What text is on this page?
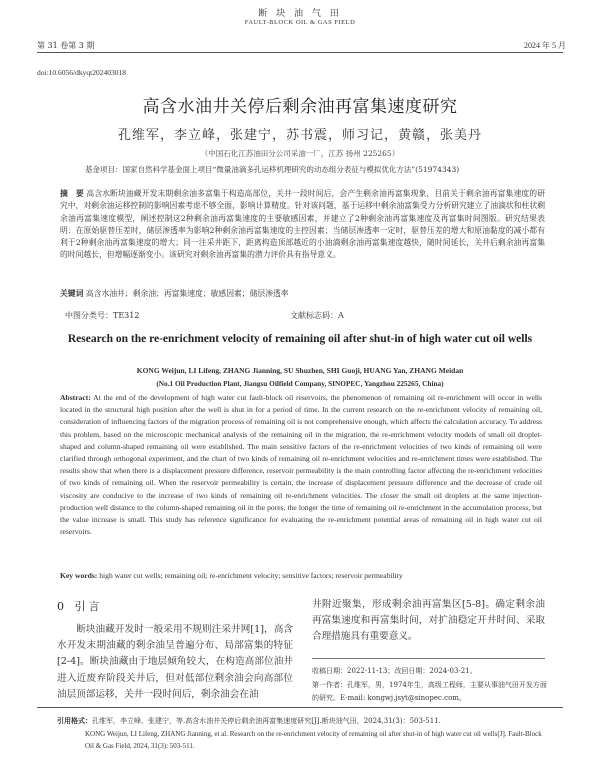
断 块 油 气 田
FAULT-BLOCK OIL & GAS FIELD
第 31 卷第 3 期	2024 年 5 月
doi:10.6056/dkyqt202403018
高含水油井关停后剩余油再富集速度研究
孔维军，李立峰，张建宁，苏书震，师习记，黄赣，张美丹
（中国石化江苏油田分公司采油一厂，江苏 扬州 225265）
基金项目：国家自然科学基金面上项目“微量油滴多孔运移机理研究的动态组分表征与模拟优化方法”(51974343)
摘　要 高含水断块油藏开发末期剩余油多富集于构造高部位，关井一段时间后，会产生剩余油再富集现象，目前关于剩余油再富集速度的研究中，对剩余油运移控制的影响因素考虑不够全面，影响计算精度。针对该问题，基于运移中剩余油富集受力分析研究建立了油滴状和柱状剩余油再富集速度模型，阐述控制这2种剩余油再富集速度的主要敏感因素，并建立了2种剩余油再富集速度及再富集时间图版。研究结果表明：在原始驱替压差时，储层渗透率为影响2种剩余油再富集速度的主控因素；当储层渗透率一定时，驱替压差的增大和原油黏度的减小都有利于2种剩余油再富集速度的增大；同一注采井距下，距离构造顶部越近的小油滴剩余油再富集速度越快，随时间延长，关井后剩余油再富集的时间越长，但增幅逐渐变小。该研究对剩余油再富集的潜力评价具有指导意义。
关键词 高含水油井；剩余油；再富集速度；敏感因素；储层渗透率
中图分类号：TE312	文献标志码：A
Research on the re-enrichment velocity of remaining oil after shut-in of high water cut oil wells
KONG Weijun, LI Lifeng, ZHANG Jianning, SU Shuzhen, SHI Guoji, HUANG Yan, ZHANG Meidan
(No.1 Oil Production Plant, Jiangsu Oilfield Company, SINOPEC, Yangzhou 225265, China)
Abstract: At the end of the development of high water cut fault-block oil reservoirs, the phenomenon of remaining oil re-enrichment will occur in wells located in the structural high position after the well is shut in for a period of time. In the current research on the re-enrichment velocity of remaining oil, consideration of influencing factors of the migration process of remaining oil is not comprehensive enough, which affects the calculation accuracy. To address this problem, based on the microscopic mechanical analysis of the remaining oil in the migration, the re-enrichment velocity models of small oil droplet-shaped and column-shaped remaining oil were established. The main sensitive factors of the re-enrichment velocities of two kinds of remaining oil were clarified through orthogonal experiment, and the chart of two kinds of remaining oil re-enrichment velocities and re-enrichment times were established. The results show that when there is a displacement pressure difference, reservoir permeability is the main controlling factor affecting the re-enrichment velocities of two kinds of remaining oil. When the reservoir permeability is certain, the increase of displacement pressure difference and the decrease of crude oil viscosity are conducive to the increase of two kinds of remaining oil re-enrichment velocities. The closer the small oil droplets at the same injection-production well distance to the column-shaped remaining oil in the pores, the longer the time of remaining oil re-enrichment in the accumulation process, but the value increase is small. This study has reference significance for evaluating the re-enrichment potential areas of remaining oil in high water cut oil reservoirs.
Key words: high water cut wells; remaining oil; re-enrichment velocity; sensitive factors; reservoir permeability
0 引言
断块油藏开发时一般采用不规则注采井网[1]，高含水开发末期油藏的剩余油呈普遍分布、局部富集的特征[2-4]。断块油藏由于地层倾角较大，在构造高部位油井进入近废弃阶段关井后，但对低部位剩余油会向高部位油层顶部运移，关井一段时间后，剩余油会在油
井附近聚集，形成剩余油再富集区[5-8]。确定剩余油再富集速度和再富集时间，对扩油稳定开井时间、采取合理措施具有重要意义。
收稿日期：2022-11-13；改回日期：2024-03-21。
第一作者：孔维军，男，1974年生，高级工程师，主要从事油气田开发方面的研究。E-mail: kongwj.jsyt@sinopec.com。
引用格式：孔维军，李立峰，张建宁，等.高含水油井关停后剩余油再富集速度研究[J].断块油气田，2024,31(3)：503-511.
KONG Weijun, LI Lifeng, ZHANG Jianning, et al. Research on the re-enrichment velocity of remaining oil after shut-in of high water cut oil wells[J]. Fault-Block Oil & Gas Field, 2024, 31(3): 503-511.
